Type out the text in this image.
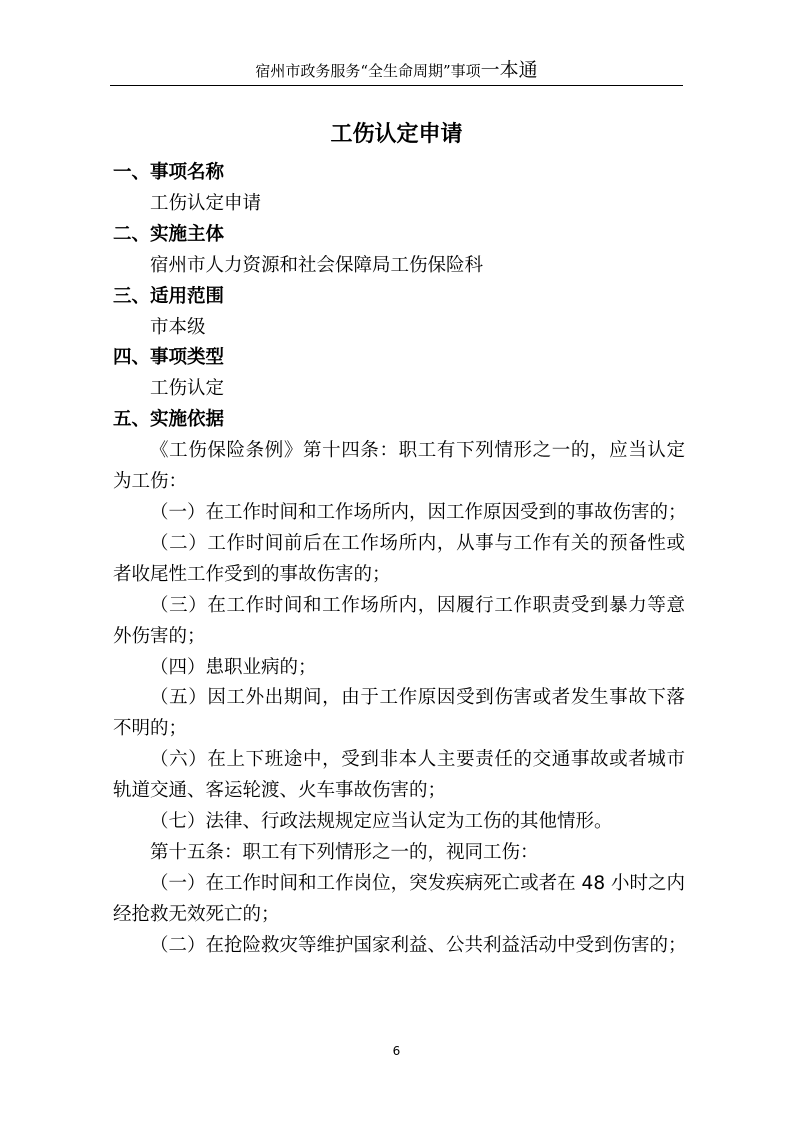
宿州市政务服务“全生命周期”事项一本通
工伤认定申请
一、事项名称
工伤认定申请
二、实施主体
宿州市人力资源和社会保障局工伤保险科
三、适用范围
市本级
四、事项类型
工伤认定
五、实施依据
《工伤保险条例》第十四条：职工有下列情形之一的，应当认定
为工伤：
（一）在工作时间和工作场所内，因工作原因受到的事故伤害的；
（二）工作时间前后在工作场所内，从事与工作有关的预备性或
者收尾性工作受到的事故伤害的；
（三）在工作时间和工作场所内，因履行工作职责受到暴力等意
外伤害的；
（四）患职业病的；
（五）因工外出期间，由于工作原因受到伤害或者发生事故下落
不明的；
（六）在上下班途中，受到非本人主要责任的交通事故或者城市
轨道交通、客运轮渡、火车事故伤害的；
（七）法律、行政法规规定应当认定为工伤的其他情形。
第十五条：职工有下列情形之一的，视同工伤：
（一）在工作时间和工作岗位，突发疾病死亡或者在 48 小时之内
经抢救无效死亡的；
（二）在抢险救灾等维护国家利益、公共利益活动中受到伤害的；
6
